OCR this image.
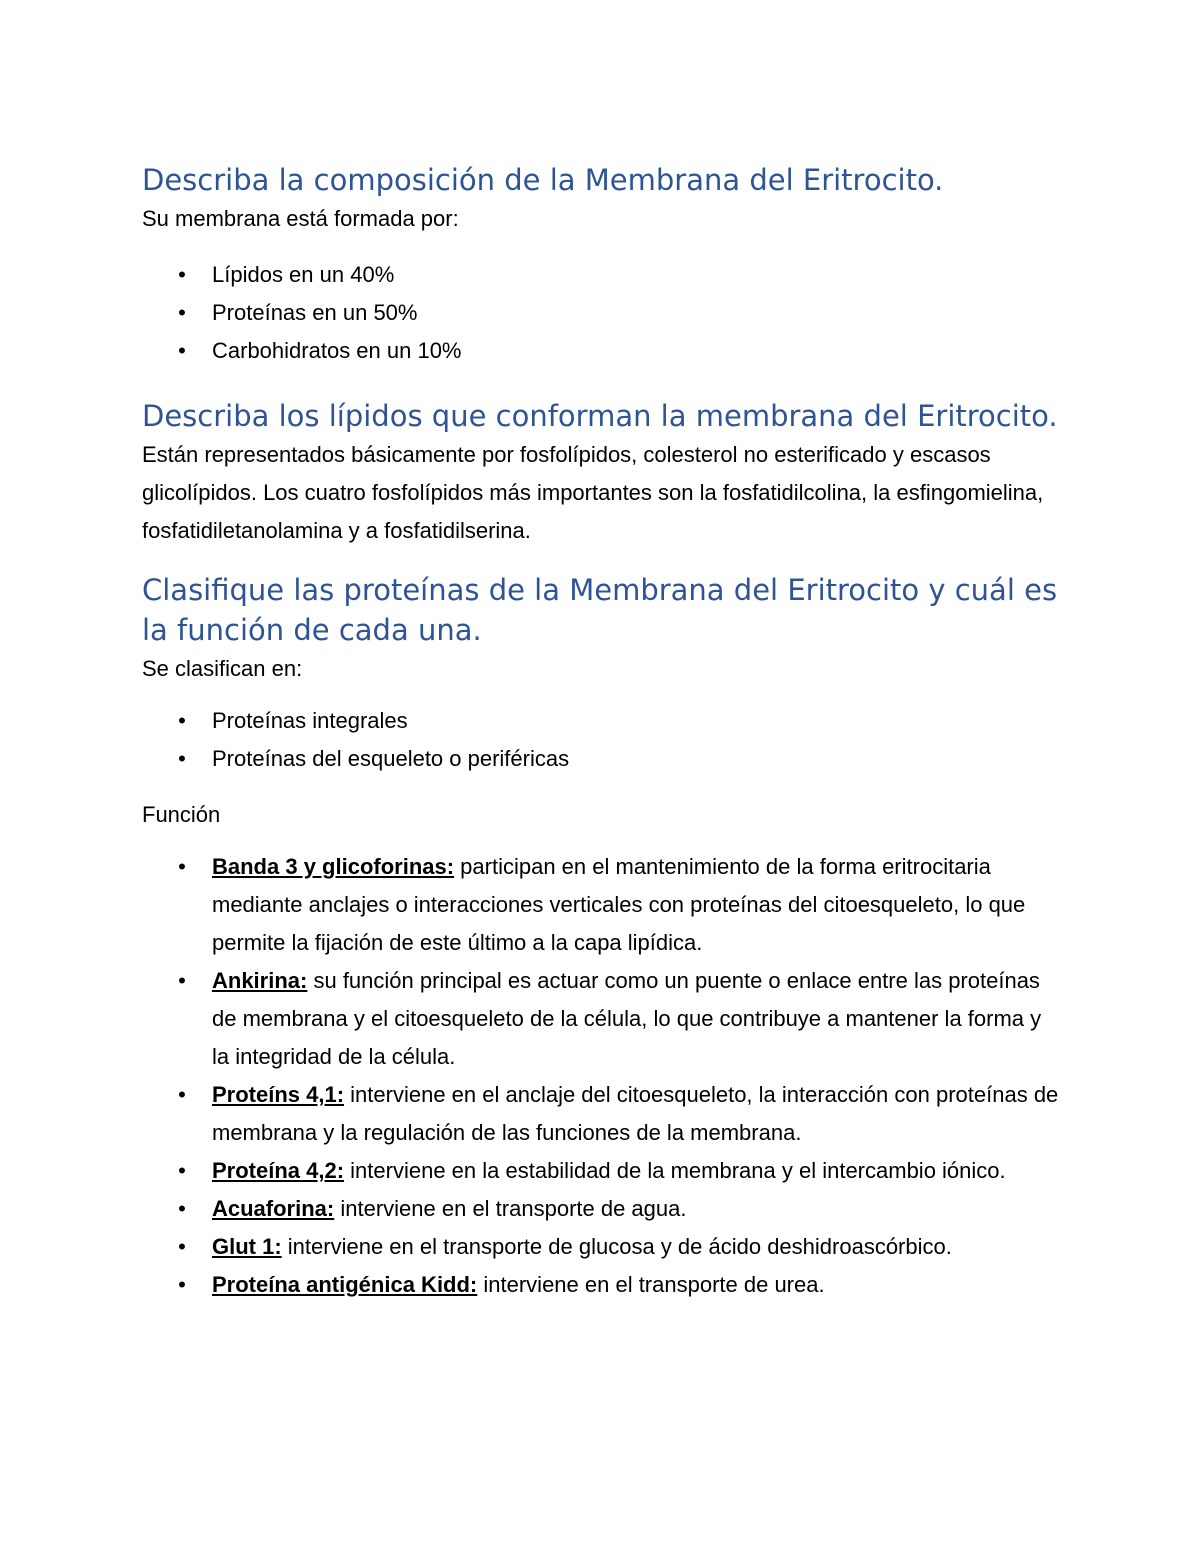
Describa la composición de la Membrana del Eritrocito.

Su membrana está formada por:

• Lípidos en un 40%
• Proteínas en un 50%
• Carbohidratos en un 10%
Describa los lípidos que conforman la membrana del Eritrocito.

Están representados básicamente por fosfolípidos, colesterol no esterificado y escasos glicolípidos. Los cuatro fosfolípidos más importantes son la fosfatidilcolina, la esfingomielina, fosfatidiletanolamina y a fosfatidilserina.

Clasifique las proteínas de la Membrana del Eritrocito y cuál es la función de cada una.

Se clasifican en:

• Proteínas integrales
• Proteínas del esqueleto o periféricas

Función

• Banda 3 y glicoforinas: participan en el mantenimiento de la forma eritrocitaria mediante anclajes o interacciones verticales con proteínas del citoesqueleto, lo que permite la fijación de este último a la capa lipídica.
• Ankirina: su función principal es actuar como un puente o enlace entre las proteínas de membrana y el citoesqueleto de la célula, lo que contribuye a mantener la forma y la integridad de la célula.
• Proteíns 4,1: interviene en el anclaje del citoesqueleto, la interacción con proteínas de membrana y la regulación de las funciones de la membrana.
• Proteína 4,2: interviene en la estabilidad de la membrana y el intercambio iónico.
• Acuaforina: interviene en el transporte de agua.
• Glut 1: interviene en el transporte de glucosa y de ácido deshidroascórbico.
• Proteína antigénica Kidd: interviene en el transporte de urea.
